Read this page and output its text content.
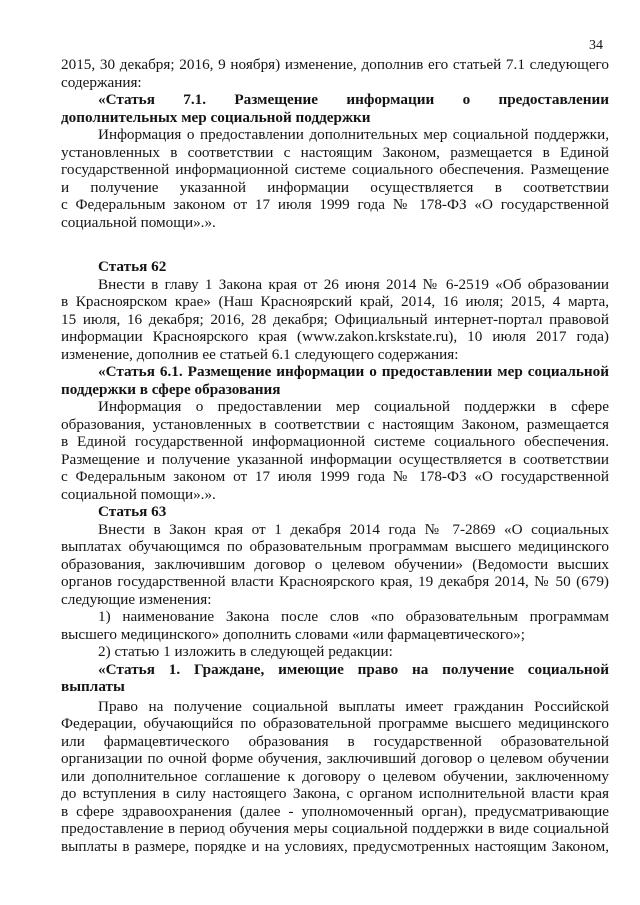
34
2015, 30 декабря; 2016, 9 ноября) изменение, дополнив его статьей 7.1 следующего
содержания:
«Статья 7.1. Размещение информации о предоставлении
дополнительных мер социальной поддержки
Информация о предоставлении дополнительных мер социальной поддержки,
установленных в соответствии с настоящим Законом, размещается в Единой
государственной информационной системе социального обеспечения. Размещение
и получение указанной информации осуществляется в соответствии
с Федеральным законом от 17 июля 1999 года № 178-ФЗ «О государственной
социальной помощи».».
Статья 62
Внести в главу 1 Закона края от 26 июня 2014 № 6-2519 «Об образовании
в Красноярском крае» (Наш Красноярский край, 2014, 16 июля; 2015, 4 марта,
15 июля, 16 декабря; 2016, 28 декабря; Официальный интернет-портал правовой
информации Красноярского края (www.zakon.krskstate.ru), 10 июля 2017 года)
изменение, дополнив ее статьей 6.1 следующего содержания:
«Статья 6.1. Размещение информации о предоставлении мер социальной
поддержки в сфере образования
Информация о предоставлении мер социальной поддержки в сфере
образования, установленных в соответствии с настоящим Законом, размещается
в Единой государственной информационной системе социального обеспечения.
Размещение и получение указанной информации осуществляется в соответствии
с Федеральным законом от 17 июля 1999 года № 178-ФЗ «О государственной
социальной помощи».».
Статья 63
Внести в Закон края от 1 декабря 2014 года № 7-2869 «О социальных
выплатах обучающимся по образовательным программам высшего медицинского
образования, заключившим договор о целевом обучении» (Ведомости высших
органов государственной власти Красноярского края, 19 декабря 2014, № 50 (679)
следующие изменения:
1) наименование Закона после слов «по образовательным программам
высшего медицинского» дополнить словами «или фармацевтического»;
2) статью 1 изложить в следующей редакции:
«Статья 1. Граждане, имеющие право на получение социальной
выплаты
Право на получение социальной выплаты имеет гражданин Российской
Федерации, обучающийся по образовательной программе высшего медицинского
или фармацевтического образования в государственной образовательной
организации по очной форме обучения, заключивший договор о целевом обучении
или дополнительное соглашение к договору о целевом обучении, заключенному
до вступления в силу настоящего Закона, с органом исполнительной власти края
в сфере здравоохранения (далее - уполномоченный орган), предусматривающие
предоставление в период обучения меры социальной поддержки в виде социальной
выплаты в размере, порядке и на условиях, предусмотренных настоящим Законом,
